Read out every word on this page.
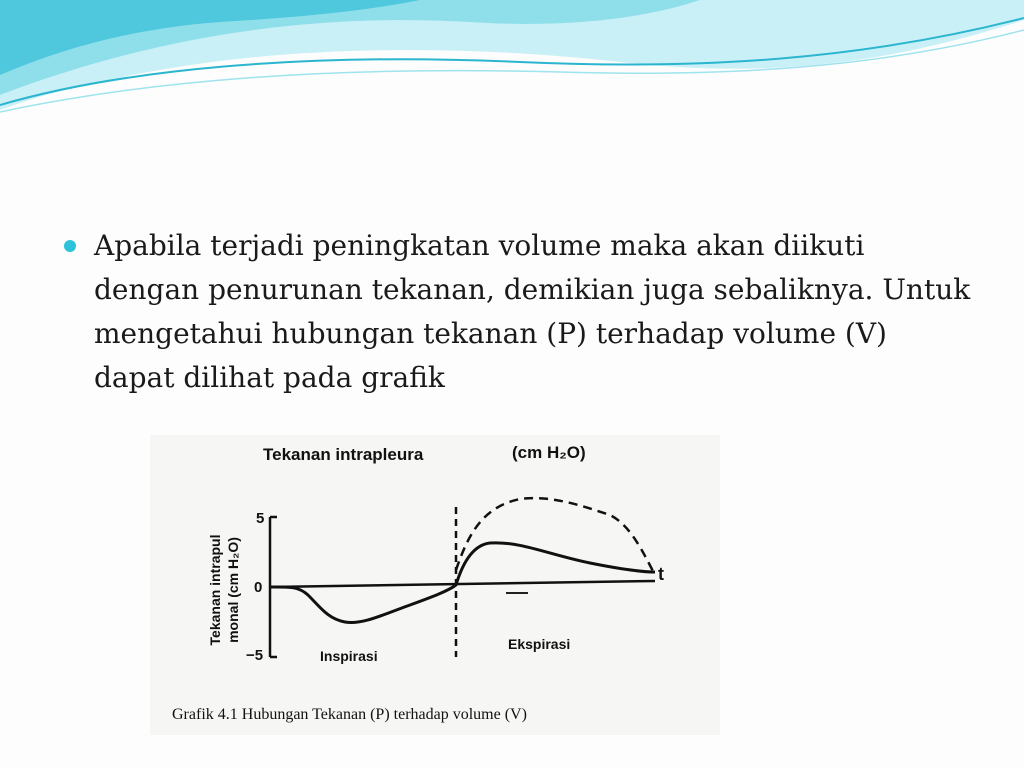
Apabila terjadi peningkatan volume maka akan diikuti dengan penurunan tekanan, demikian juga sebaliknya. Untuk mengetahui hubungan tekanan (P) terhadap volume (V) dapat dilihat pada grafik

Tekanan intrapleura	(cm H₂O)
Tekanan intrapul monal (cm H₂O)
5
0
−5
t
Inspirasi
Ekspirasi
Grafik 4.1 Hubungan Tekanan (P) terhadap volume (V)
